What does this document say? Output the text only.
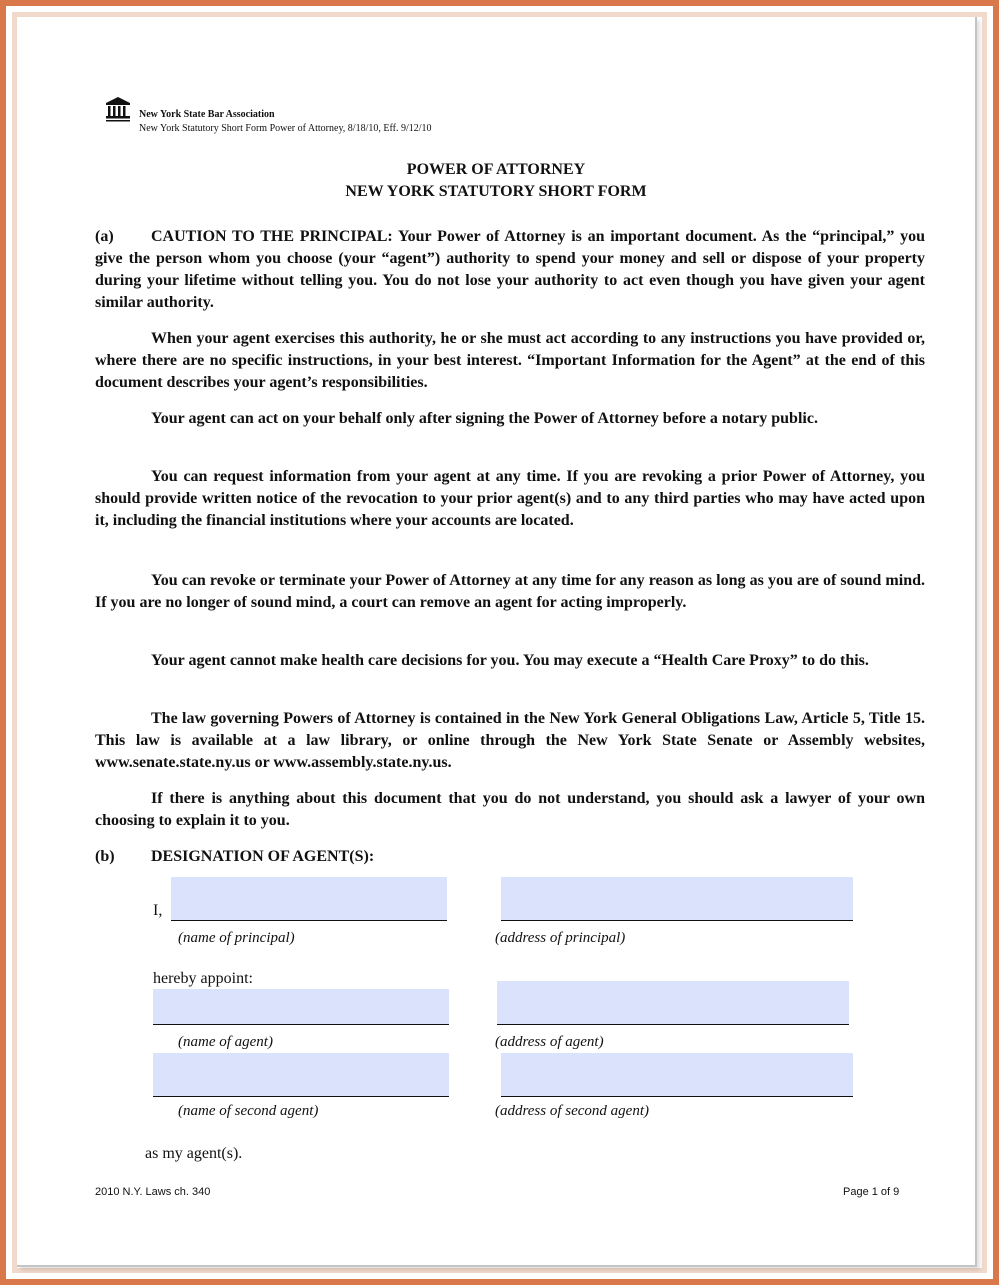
New York State Bar Association
New York Statutory Short Form Power of Attorney, 8/18/10, Eff. 9/12/10
POWER OF ATTORNEY
NEW YORK STATUTORY SHORT FORM
(a)	CAUTION TO THE PRINCIPAL: Your Power of Attorney is an important document. As the “principal,” you give the person whom you choose (your “agent”) authority to spend your money and sell or dispose of your property during your lifetime without telling you. You do not lose your authority to act even though you have given your agent similar authority.
When your agent exercises this authority, he or she must act according to any instructions you have provided or, where there are no specific instructions, in your best interest. “Important Information for the Agent” at the end of this document describes your agent’s responsibilities.
Your agent can act on your behalf only after signing the Power of Attorney before a notary public.
You can request information from your agent at any time. If you are revoking a prior Power of Attorney, you should provide written notice of the revocation to your prior agent(s) and to any third parties who may have acted upon it, including the financial institutions where your accounts are located.
You can revoke or terminate your Power of Attorney at any time for any reason as long as you are of sound mind. If you are no longer of sound mind, a court can remove an agent for acting improperly.
Your agent cannot make health care decisions for you. You may execute a “Health Care Proxy” to do this.
The law governing Powers of Attorney is contained in the New York General Obligations Law, Article 5, Title 15. This law is available at a law library, or online through the New York State Senate or Assembly websites, www.senate.state.ny.us or www.assembly.state.ny.us.
If there is anything about this document that you do not understand, you should ask a lawyer of your own choosing to explain it to you.
(b) DESIGNATION OF AGENT(S):
I,
(name of principal)	(address of principal)
hereby appoint:
(name of agent)	(address of agent)
(name of second agent)	(address of second agent)
as my agent(s).
2010 N.Y. Laws ch. 340	Page 1 of 9
